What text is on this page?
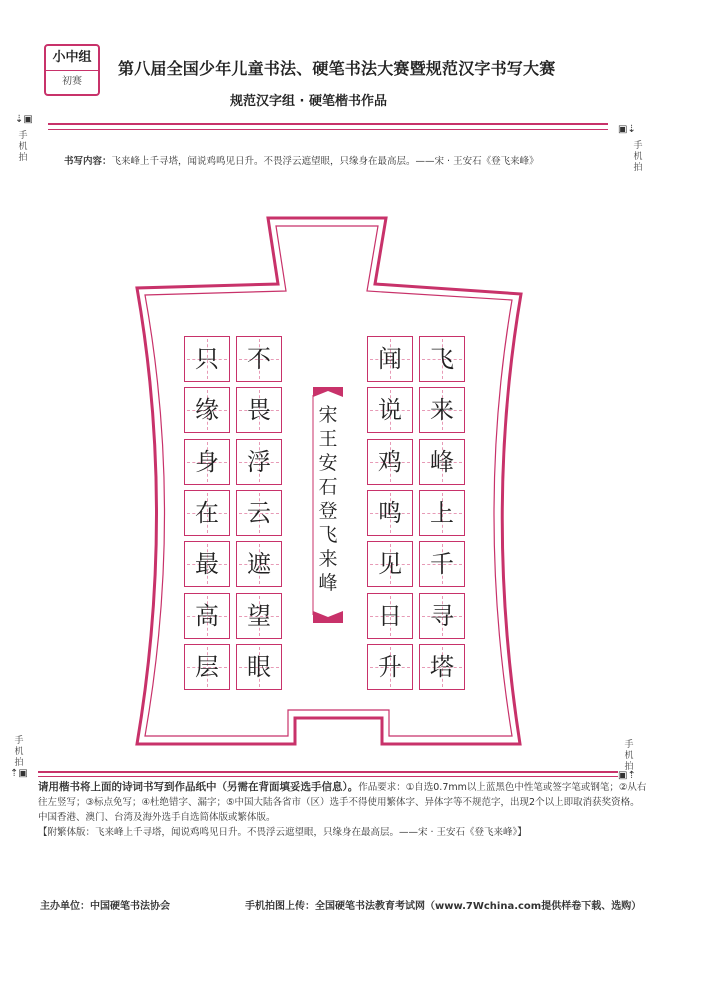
小中组
初赛
第八届全国少年儿童书法、硬笔书法大赛暨规范汉字书写大赛
规范汉字组 · 硬笔楷书作品
⇣▣
手机拍
▣⇣
手机拍
书写内容：飞来峰上千寻塔，闻说鸡鸣见日升。不畏浮云遮望眼，只缘身在最高层。——宋 · 王安石《登飞来峰》
宋王安石登飞来峰
只
缘
身
在
最
高
层
不
畏
浮
云
遮
望
眼
闻
说
鸡
鸣
见
日
升
飞
来
峰
上
千
寻
塔
手机拍
⇡▣
手机拍
▣⇡
请用楷书将上面的诗词书写到作品纸中（另需在背面填妥选手信息）。作品要求：①自选0.7mm以上蓝黑色中性笔或签字笔或钢笔；②从右往左竖写；③标点免写；④杜绝错字、漏字；⑤中国大陆各省市（区）选手不得使用繁体字、异体字等不规范字，出现2个以上即取消获奖资格。
中国香港、澳门、台湾及海外选手自选简体版或繁体版。
【附繁体版：飞来峰上千寻塔，闻说鸡鸣见日升。不畏浮云遮望眼，只缘身在最高层。——宋 · 王安石《登飞来峰》】
主办单位：中国硬笔书法协会	手机拍图上传：全国硬笔书法教育考试网（www.7Wchina.com提供样卷下载、选购）
